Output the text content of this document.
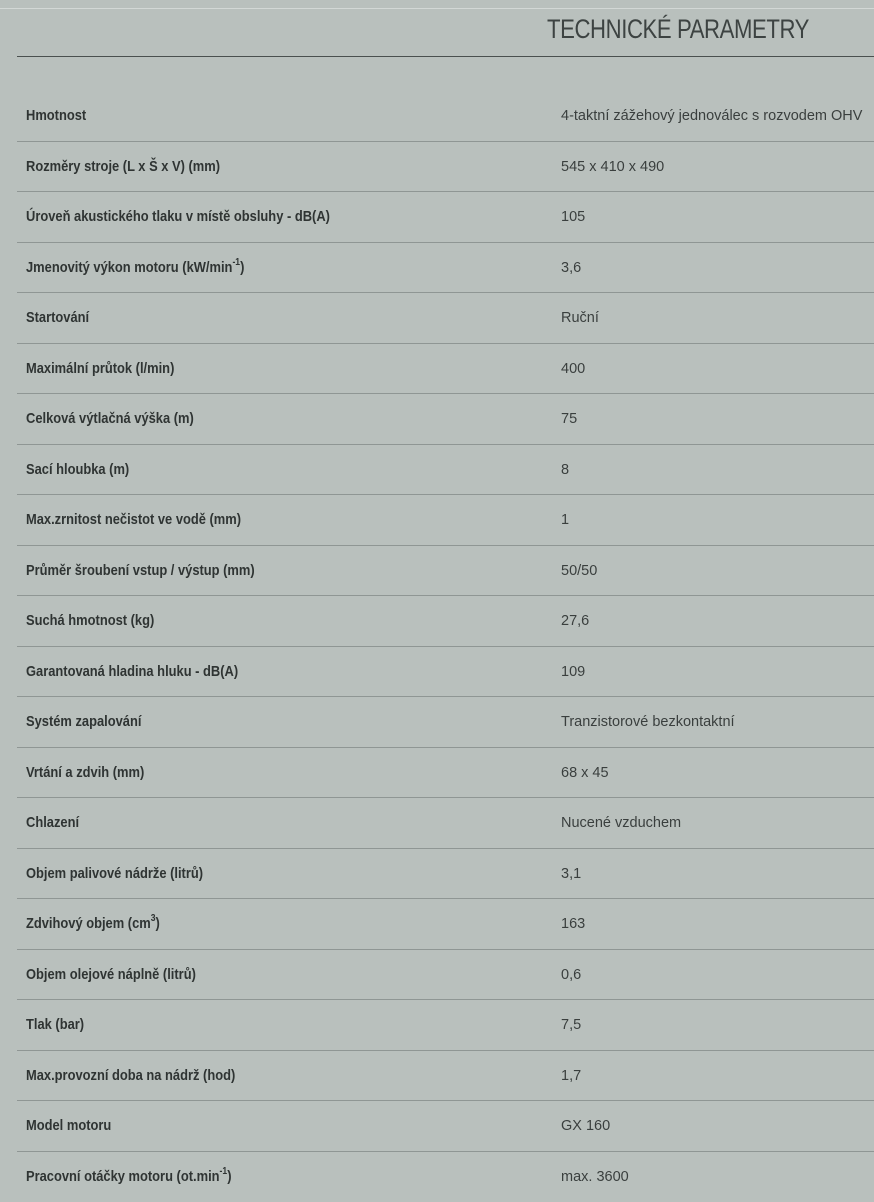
TECHNICKÉ PARAMETRY
Hmotnost	4-taktní zážehový jednoválec s rozvodem OHV
Rozměry stroje (L x Š x V) (mm)	545 x 410 x 490
Úroveň akustického tlaku v místě obsluhy - dB(A)	105
Jmenovitý výkon motoru $(kW/\min^{-1})$	3,6
Startování	Ruční
Maximální průtok (l/min)	400
Celková výtlačná výška (m)	75
Sací hloubka (m)	8
Max.zrnitost nečistot ve vodě (mm)	1
Průměr šroubení vstup / výstup (mm)	50/50
Suchá hmotnost (kg)	27,6
Garantovaná hladina hluku - dB(A)	109
Systém zapalování	Tranzistorové bezkontaktní
Vrtání a zdvih (mm)	68 x 45
Chlazení	Nucené vzduchem
Objem palivové nádrže (litrů)	3,1
Zdvihový objem $(cm^3)$	163
Objem olejové náplně (litrů)	0,6
Tlak (bar)	7,5
Max.provozní doba na nádrž (hod)	1,7
Model motoru	GX 160
Pracovní otáčky motoru $(ot.\min^{-1})$	max. 3600
